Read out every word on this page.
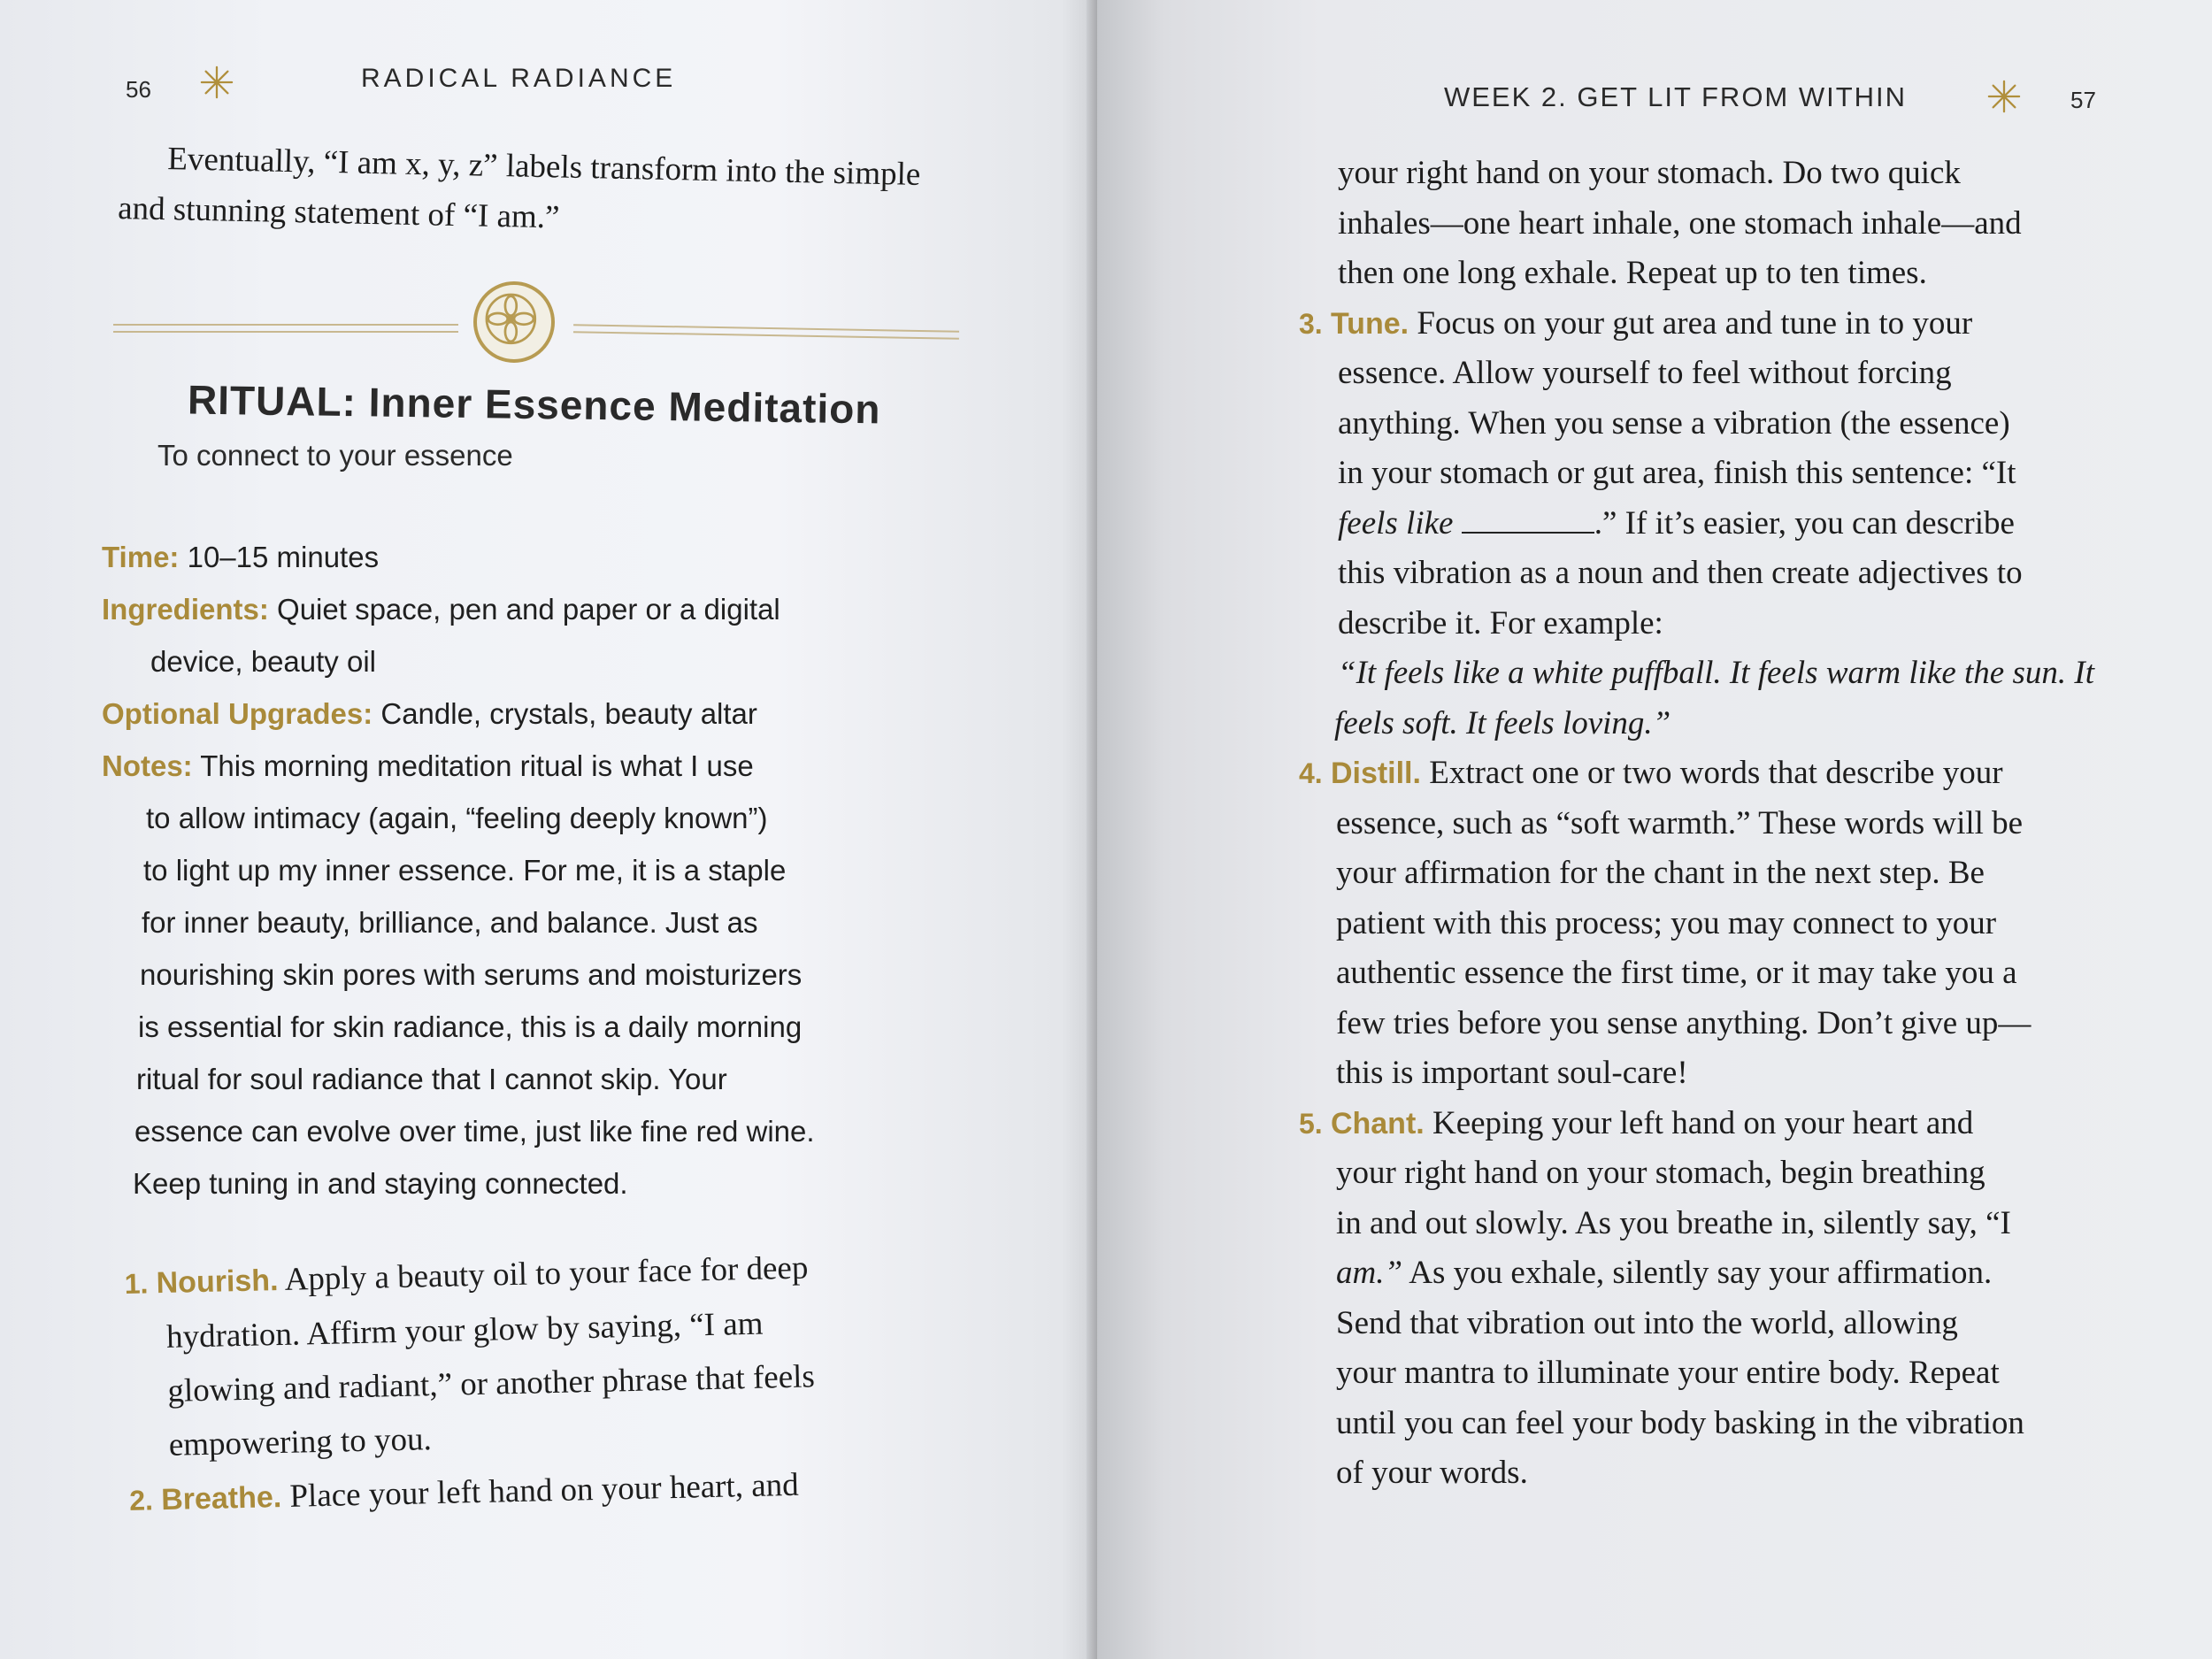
56	RADICAL RADIANCE
Eventually, “I am x, y, z” labels transform into the simple
and stunning statement of “I am.”
RITUAL: Inner Essence Meditation
To connect to your essence
Time: 10–15 minutes
Ingredients: Quiet space, pen and paper or a digital
device, beauty oil
Optional Upgrades: Candle, crystals, beauty altar
Notes: This morning meditation ritual is what I use
to allow intimacy (again, “feeling deeply known”)
to light up my inner essence. For me, it is a staple
for inner beauty, brilliance, and balance. Just as
nourishing skin pores with serums and moisturizers
is essential for skin radiance, this is a daily morning
ritual for soul radiance that I cannot skip. Your
essence can evolve over time, just like fine red wine.
Keep tuning in and staying connected.
1. Nourish. Apply a beauty oil to your face for deep
hydration. Affirm your glow by saying, “I am
glowing and radiant,” or another phrase that feels
empowering to you.
2. Breathe. Place your left hand on your heart, and
WEEK 2. GET LIT FROM WITHIN	57
your right hand on your stomach. Do two quick
inhales—one heart inhale, one stomach inhale—and
then one long exhale. Repeat up to ten times.
3. Tune. Focus on your gut area and tune in to your
essence. Allow yourself to feel without forcing
anything. When you sense a vibration (the essence)
in your stomach or gut area, finish this sentence: “It
feels like	.” If it’s easier, you can describe
this vibration as a noun and then create adjectives to
describe it. For example:
“It feels like a white puffball. It feels warm like the sun. It
feels soft. It feels loving.”
4. Distill. Extract one or two words that describe your
essence, such as “soft warmth.” These words will be
your affirmation for the chant in the next step. Be
patient with this process; you may connect to your
authentic essence the first time, or it may take you a
few tries before you sense anything. Don’t give up—
this is important soul-care!
5. Chant. Keeping your left hand on your heart and
your right hand on your stomach, begin breathing
in and out slowly. As you breathe in, silently say, “I
am.” As you exhale, silently say your affirmation.
Send that vibration out into the world, allowing
your mantra to illuminate your entire body. Repeat
until you can feel your body basking in the vibration
of your words.
